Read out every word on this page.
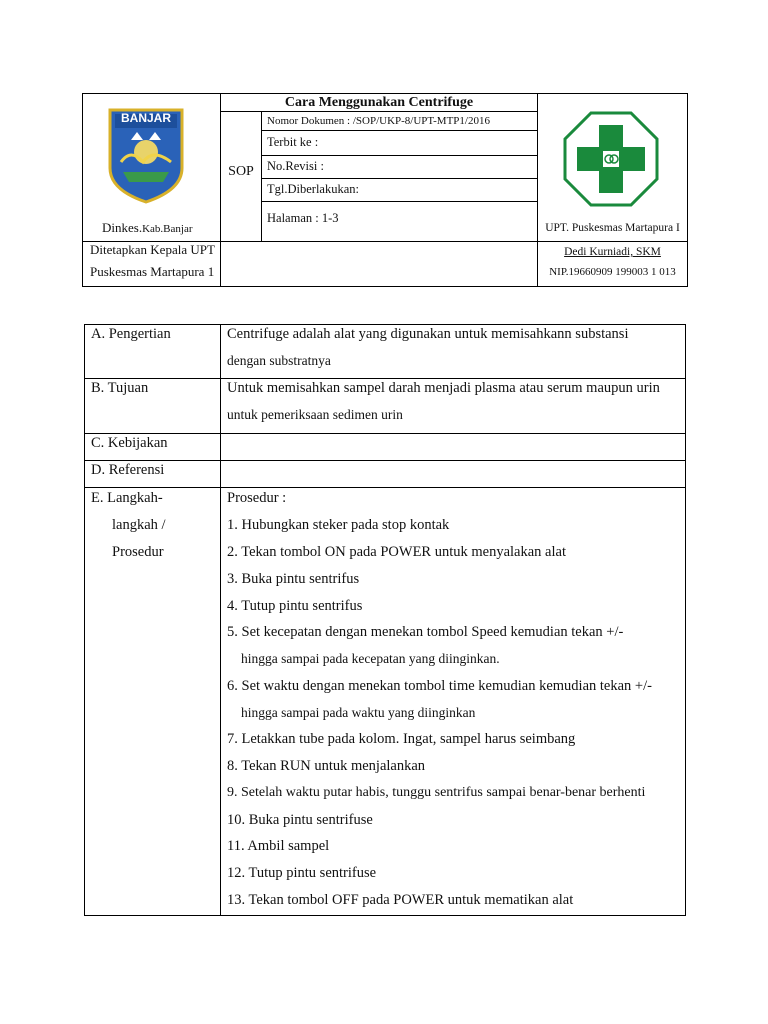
BANJAR
Dinkes.Kab.Banjar
Cara Menggunakan Centrifuge
SOP
Nomor Dokumen : /SOP/UKP-8/UPT-MTP1/2016
Terbit ke :
No.Revisi :
Tgl.Diberlakukan:
Halaman : 1-3
UPT. Puskesmas Martapura I
Ditetapkan Kepala UPT
Puskesmas Martapura 1
Dedi Kurniadi, SKM
NIP.19660909 199003 1 013
A. Pengertian
B. Tujuan
C. Kebijakan
D. Referensi
E. Langkah-
langkah /
Prosedur
Centrifuge adalah alat yang digunakan untuk memisahkann substansi
dengan substratnya
Untuk memisahkan sampel darah menjadi plasma atau serum maupun urin
untuk pemeriksaan sedimen urin
Prosedur :
1. Hubungkan steker pada stop kontak
2. Tekan tombol ON pada POWER untuk menyalakan alat
3. Buka pintu sentrifus
4. Tutup pintu sentrifus
5. Set kecepatan dengan menekan tombol Speed kemudian tekan +/-
hingga sampai pada kecepatan yang diinginkan.
6. Set waktu dengan menekan tombol time kemudian kemudian tekan +/-
hingga sampai pada waktu yang diinginkan
7. Letakkan tube pada kolom. Ingat, sampel harus seimbang
8. Tekan RUN untuk menjalankan
9. Setelah waktu putar habis, tunggu sentrifus sampai benar-benar berhenti
10. Buka pintu sentrifuse
11. Ambil sampel
12. Tutup pintu sentrifuse
13. Tekan tombol OFF pada POWER untuk mematikan alat
